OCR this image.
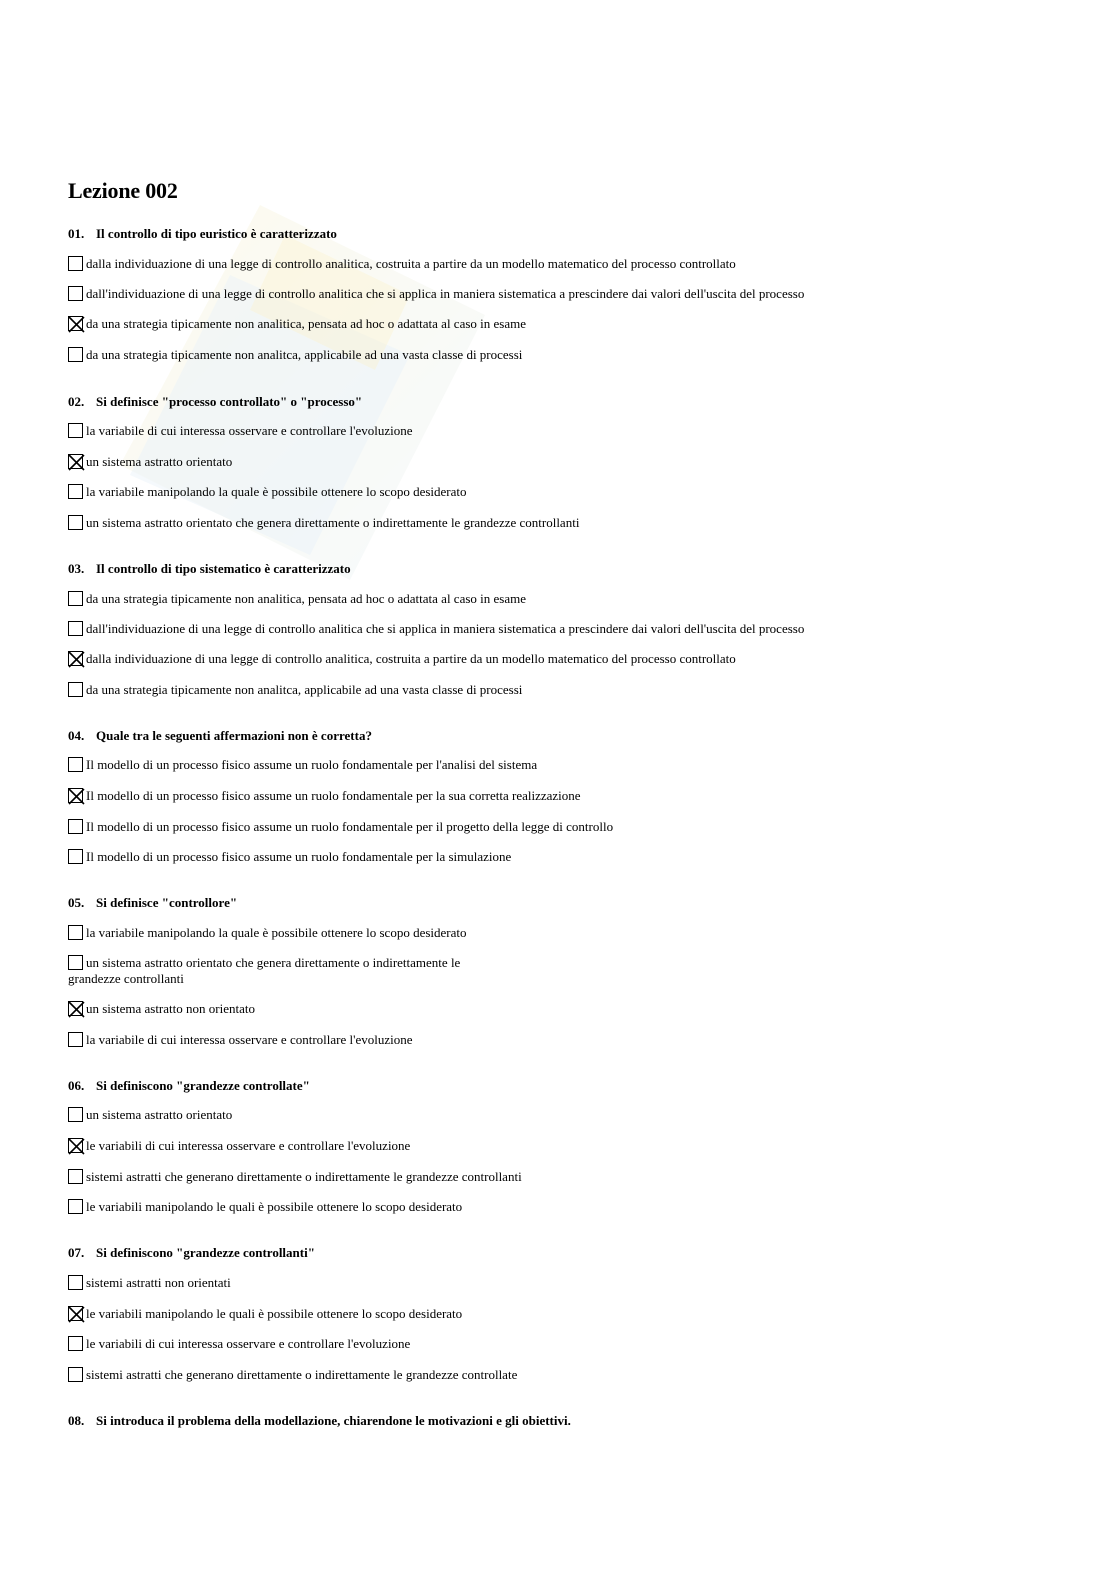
Lezione 002
01. Il controllo di tipo euristico è caratterizzato
dalla individuazione di una legge di controllo analitica, costruita a partire da un modello matematico del processo controllato
dall'individuazione di una legge di controllo analitica che si applica in maniera sistematica a prescindere dai valori dell'uscita del processo
da una strategia tipicamente non analitica, pensata ad hoc o adattata al caso in esame
da una strategia tipicamente non analitca, applicabile ad una vasta classe di processi
02. Si definisce "processo controllato" o "processo"
la variabile di cui interessa osservare e controllare l'evoluzione
un sistema astratto orientato
la variabile manipolando la quale è possibile ottenere lo scopo desiderato
un sistema astratto orientato che genera direttamente o indirettamente le grandezze controllanti
03. Il controllo di tipo sistematico è caratterizzato
da una strategia tipicamente non analitica, pensata ad hoc o adattata al caso in esame
dall'individuazione di una legge di controllo analitica che si applica in maniera sistematica a prescindere dai valori dell'uscita del processo
dalla individuazione di una legge di controllo analitica, costruita a partire da un modello matematico del processo controllato
da una strategia tipicamente non analitca, applicabile ad una vasta classe di processi
04. Quale tra le seguenti affermazioni non è corretta?
Il modello di un processo fisico assume un ruolo fondamentale per l'analisi del sistema
Il modello di un processo fisico assume un ruolo fondamentale per la sua corretta realizzazione
Il modello di un processo fisico assume un ruolo fondamentale per il progetto della legge di controllo
Il modello di un processo fisico assume un ruolo fondamentale per la simulazione
05. Si definisce "controllore"
la variabile manipolando la quale è possibile ottenere lo scopo desiderato
un sistema astratto orientato che genera direttamente o indirettamente le grandezze controllanti
un sistema astratto non orientato
la variabile di cui interessa osservare e controllare l'evoluzione
06. Si definiscono "grandezze controllate"
un sistema astratto orientato
le variabili di cui interessa osservare e controllare l'evoluzione
sistemi astratti che generano direttamente o indirettamente le grandezze controllanti
le variabili manipolando le quali è possibile ottenere lo scopo desiderato
07. Si definiscono "grandezze controllanti"
sistemi astratti non orientati
le variabili manipolando le quali è possibile ottenere lo scopo desiderato
le variabili di cui interessa osservare e controllare l'evoluzione
sistemi astratti che generano direttamente o indirettamente le grandezze controllate
08. Si introduca il problema della modellazione, chiarendone le motivazioni e gli obiettivi.
